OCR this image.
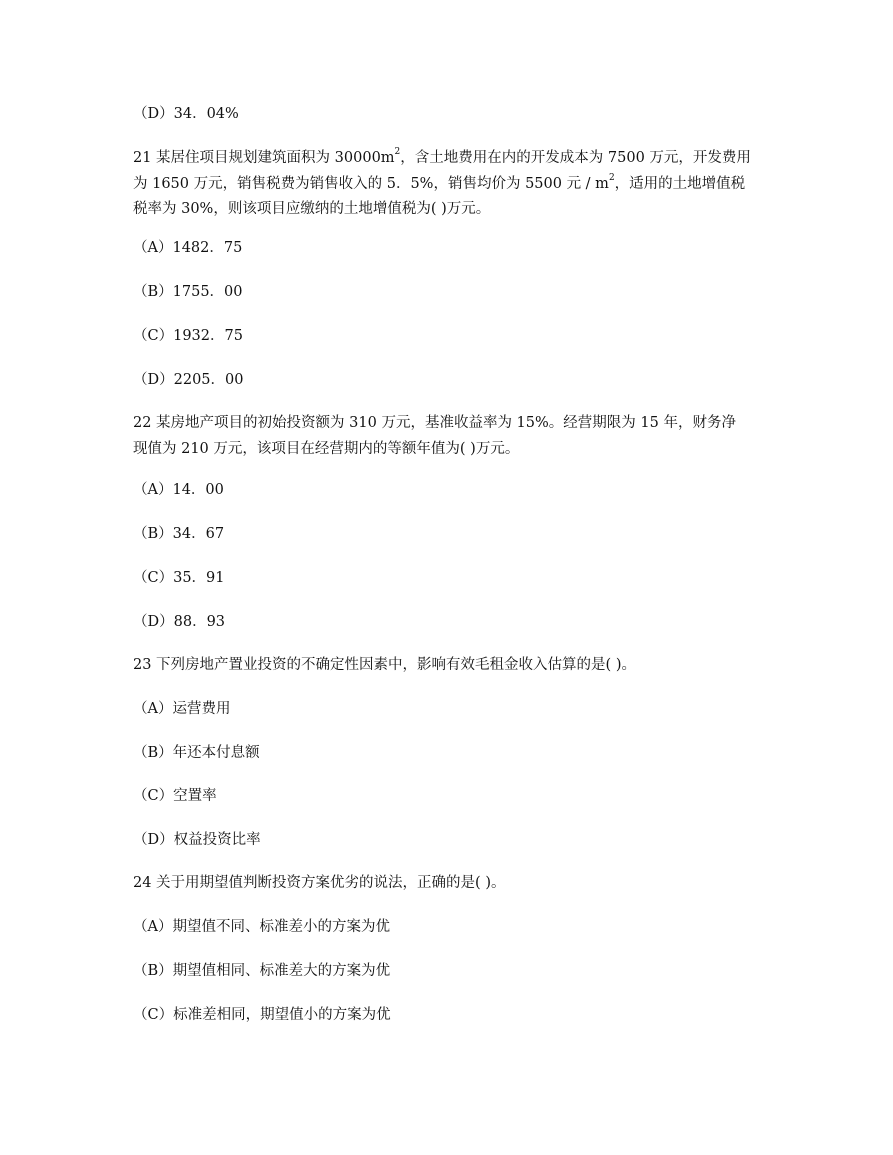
（D）34．04%
21 某居住项目规划建筑面积为 $30000m^2$，含土地费用在内的开发成本为 7500 万元，开发费用
为 1650 万元，销售税费为销售收入的 5．5%，销售均价为 5500 元 / $m^2$，适用的土地增值税
税率为 30%，则该项目应缴纳的土地增值税为( )万元。
（A）1482．75
（B）1755．00
（C）1932．75
（D）2205．00
22 某房地产项目的初始投资额为 310 万元，基准收益率为 15%。经营期限为 15 年，财务净
现值为 210 万元，该项目在经营期内的等额年值为( )万元。
（A）14．00
（B）34．67
（C）35．91
（D）88．93
23 下列房地产置业投资的不确定性因素中，影响有效毛租金收入估算的是( )。
（A）运营费用
（B）年还本付息额
（C）空置率
（D）权益投资比率
24 关于用期望值判断投资方案优劣的说法，正确的是( )。
（A）期望值不同、标准差小的方案为优
（B）期望值相同、标准差大的方案为优
（C）标准差相同，期望值小的方案为优
